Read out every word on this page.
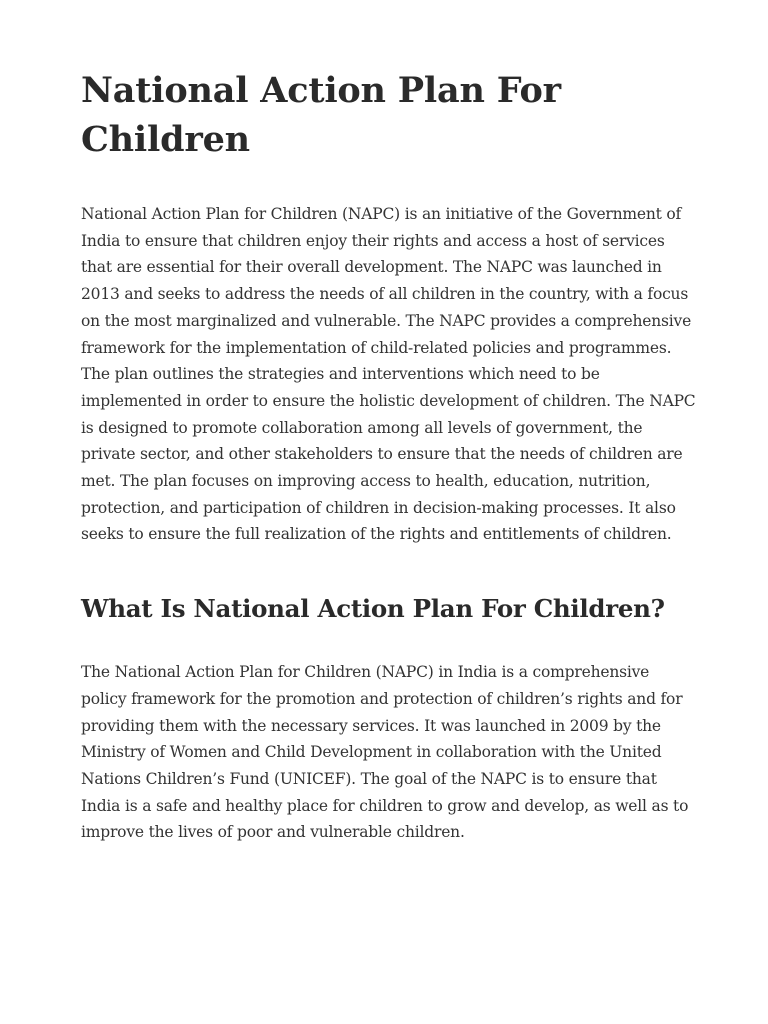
National Action Plan For Children

National Action Plan for Children (NAPC) is an initiative of the Government of India to ensure that children enjoy their rights and access a host of services that are essential for their overall development. The NAPC was launched in 2013 and seeks to address the needs of all children in the country, with a focus on the most marginalized and vulnerable. The NAPC provides a comprehensive framework for the implementation of child-related policies and programmes. The plan outlines the strategies and interventions which need to be implemented in order to ensure the holistic development of children. The NAPC is designed to promote collaboration among all levels of government, the private sector, and other stakeholders to ensure that the needs of children are met. The plan focuses on improving access to health, education, nutrition, protection, and participation of children in decision-making processes. It also seeks to ensure the full realization of the rights and entitlements of children.

What Is National Action Plan For Children?

The National Action Plan for Children (NAPC) in India is a comprehensive policy framework for the promotion and protection of children’s rights and for providing them with the necessary services. It was launched in 2009 by the Ministry of Women and Child Development in collaboration with the United Nations Children’s Fund (UNICEF). The goal of the NAPC is to ensure that India is a safe and healthy place for children to grow and develop, as well as to improve the lives of poor and vulnerable children.
